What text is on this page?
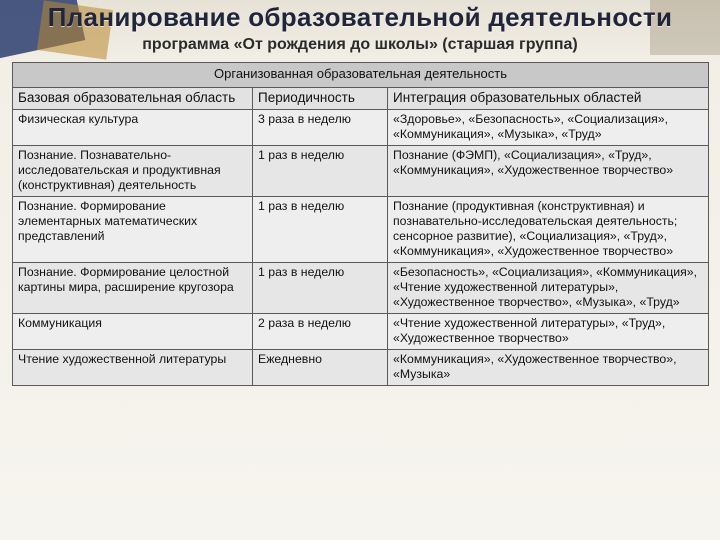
Планирование образовательной деятельности
программа «От рождения до школы» (старшая группа)
Организованная образовательная деятельность		
Базовая образовательная область	Периодичность	Интеграция образовательных областей
Физическая культура	3 раза в неделю	«Здоровье», «Безопасность», «Социализация», «Коммуникация», «Музыка», «Труд»
Познание. Познавательно-исследовательская и продуктивная (конструктивная) деятельность	1 раз в неделю	Познание (ФЭМП), «Социализация», «Труд», «Коммуникация», «Художественное творчество»
Познание. Формирование элементарных математических представлений	1 раз в неделю	Познание (продуктивная (конструктивная) и познавательно-исследовательская деятельность; сенсорное развитие), «Социализация», «Труд», «Коммуникация», «Художественное творчество»
Познание. Формирование целостной картины мира, расширение кругозора	1 раз в неделю	«Безопасность», «Социализация», «Коммуникация», «Чтение художественной литературы», «Художественное творчество», «Музыка», «Труд»
Коммуникация	2 раза в неделю	«Чтение художественной литературы», «Труд», «Художественное творчество»
Чтение художественной литературы	Ежедневно	«Коммуникация», «Художественное творчество», «Музыка»
